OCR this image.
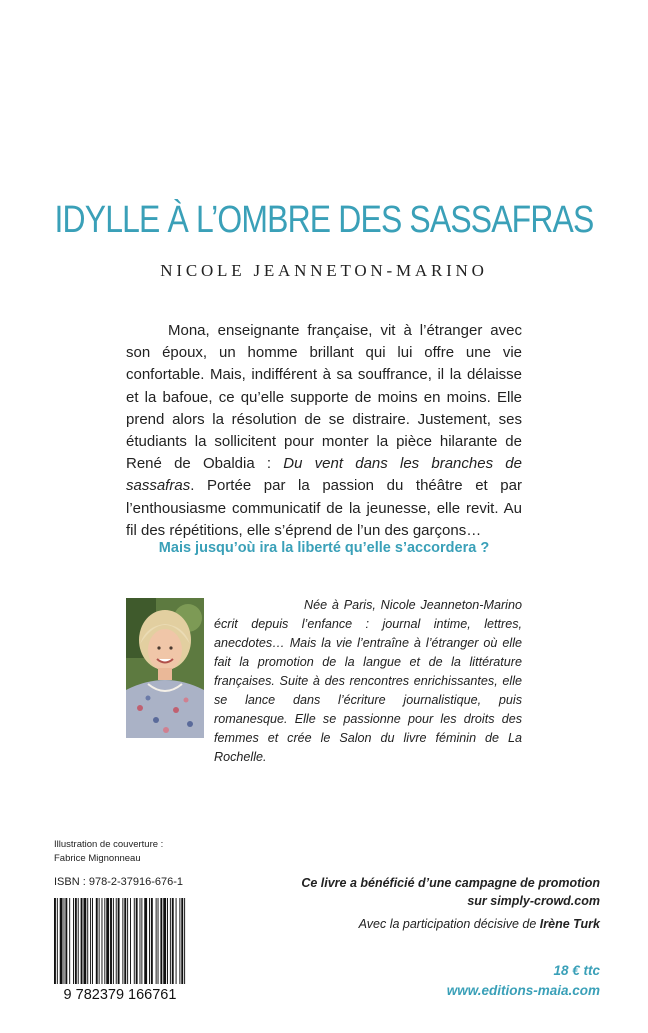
IDYLLE À L’OMBRE DES SASSAFRAS
NICOLE JEANNETON-MARINO

Mona, enseignante française, vit à l’étranger avec son époux, un homme brillant qui lui offre une vie confortable. Mais, indifférent à sa souffrance, il la délaisse et la bafoue, ce qu’elle supporte de moins en moins. Elle prend alors la résolution de se distraire. Justement, ses étudiants la sollicitent pour monter la pièce hilarante de René de Obaldia : Du vent dans les branches de sassafras. Portée par la passion du théâtre et par l’enthousiasme communicatif de la jeunesse, elle revit. Au fil des répétitions, elle s’éprend de l’un des garçons…

Mais jusqu’où ira la liberté qu’elle s’accordera ?

Née à Paris, Nicole Jeanneton-Marino écrit depuis l’enfance : journal intime, lettres, anecdotes… Mais la vie l’entraîne à l’étranger où elle fait la promotion de la langue et de la littérature françaises. Suite à des rencontres enrichissantes, elle se lance dans l’écriture journalistique, puis romanesque. Elle se passionne pour les droits des femmes et crée le Salon du livre féminin de La Rochelle.

Illustration de couverture :
Fabrice Mignonneau
ISBN : 978-2-37916-676-1
9 782379 166761
Ce livre a bénéficié d’une campagne de promotion
sur simply-crowd.com
Avec la participation décisive de Irène Turk
18 € ttc
www.editions-maia.com
